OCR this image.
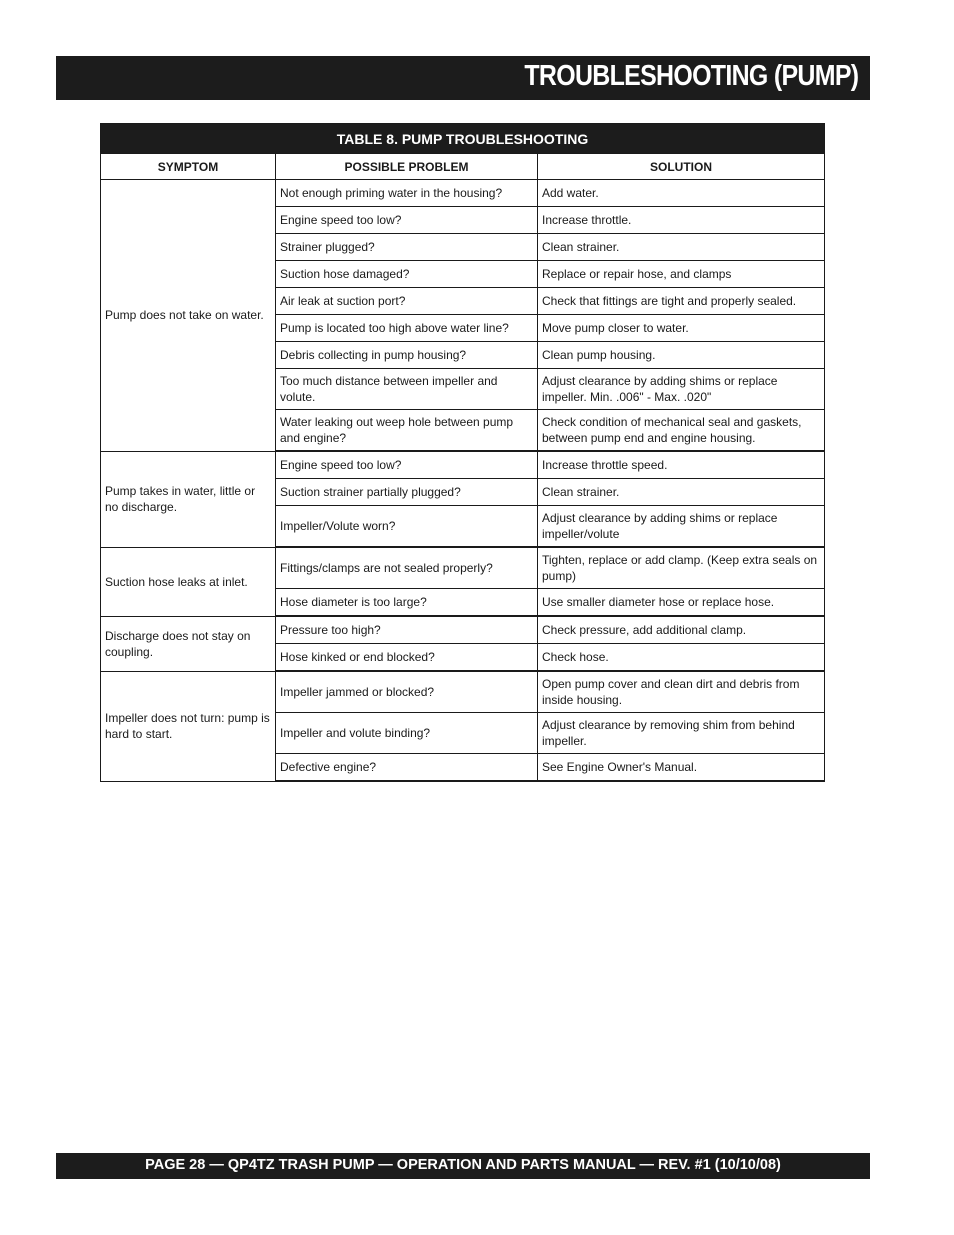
TROUBLESHOOTING (PUMP)
TABLE 8. PUMP TROUBLESHOOTING		
SYMPTOM	POSSIBLE PROBLEM	SOLUTION
Pump does not take on water.	Not enough priming water in the housing?	Add water.
	Engine speed too low?	Increase throttle.
	Strainer plugged?	Clean strainer.
	Suction hose damaged?	Replace or repair hose, and clamps
	Air leak at suction port?	Check that fittings are tight and properly sealed.
	Pump is located too high above water line?	Move pump closer to water.
	Debris collecting in pump housing?	Clean pump housing.
	Too much distance between impeller and volute.	Adjust clearance by adding shims or replace impeller. Min. .006" - Max. .020"
	Water leaking out weep hole between pump and engine?	Check condition of mechanical seal and gaskets, between pump end and engine housing.
Pump takes in water, little or no discharge.	Engine speed too low?	Increase throttle speed.
	Suction strainer partially plugged?	Clean strainer.
	Impeller/Volute worn?	Adjust clearance by adding shims or replace impeller/volute
Suction hose leaks at inlet.	Fittings/clamps are not sealed properly?	Tighten, replace or add clamp. (Keep extra seals on pump)
	Hose diameter is too large?	Use smaller diameter hose or replace hose.
Discharge does not stay on coupling.	Pressure too high?	Check pressure, add additional clamp.
	Hose kinked or end blocked?	Check hose.
Impeller does not turn: pump is hard to start.	Impeller jammed or blocked?	Open pump cover and clean dirt and debris from inside housing.
	Impeller and volute binding?	Adjust clearance by removing shim from behind impeller.
	Defective engine?	See Engine Owner's Manual.
PAGE 28 — QP4TZ TRASH PUMP — OPERATION AND PARTS MANUAL — REV. #1 (10/10/08)
